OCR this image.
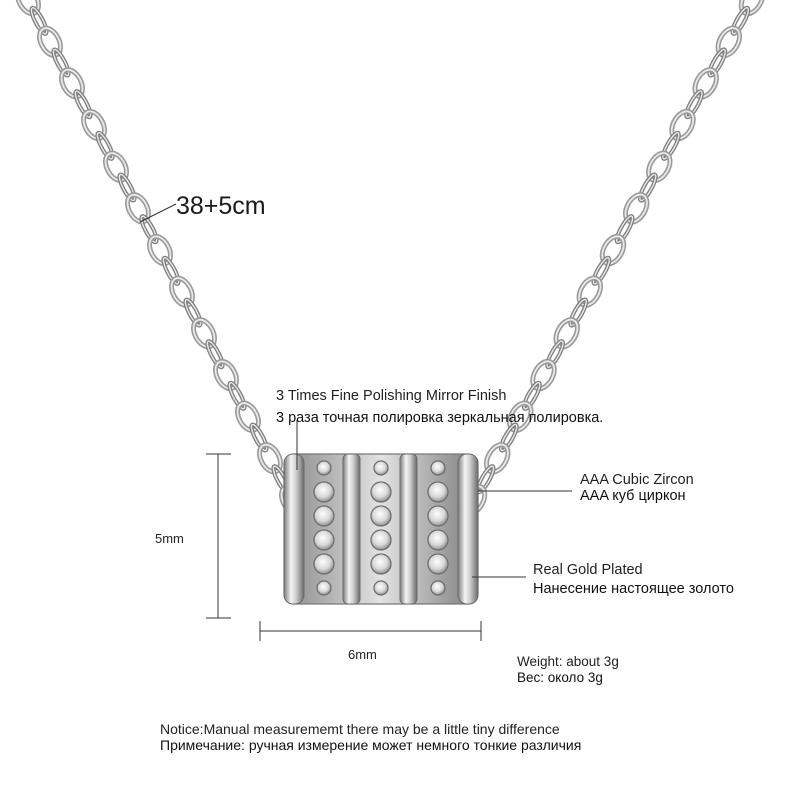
38+5cm
3 Times Fine Polishing Mirror Finish
3 раза точная полировка зеркальная полировка.
AAA Cubic Zircon
AAA куб циркон
Real Gold Plated
Нанесение настоящее золото
5mm
6mm	Weight: about 3g
Вес: около 3g
Notice:Manual measurememt there may be a little tiny difference
Примечание: ручная измерение может немного тонкие различия
